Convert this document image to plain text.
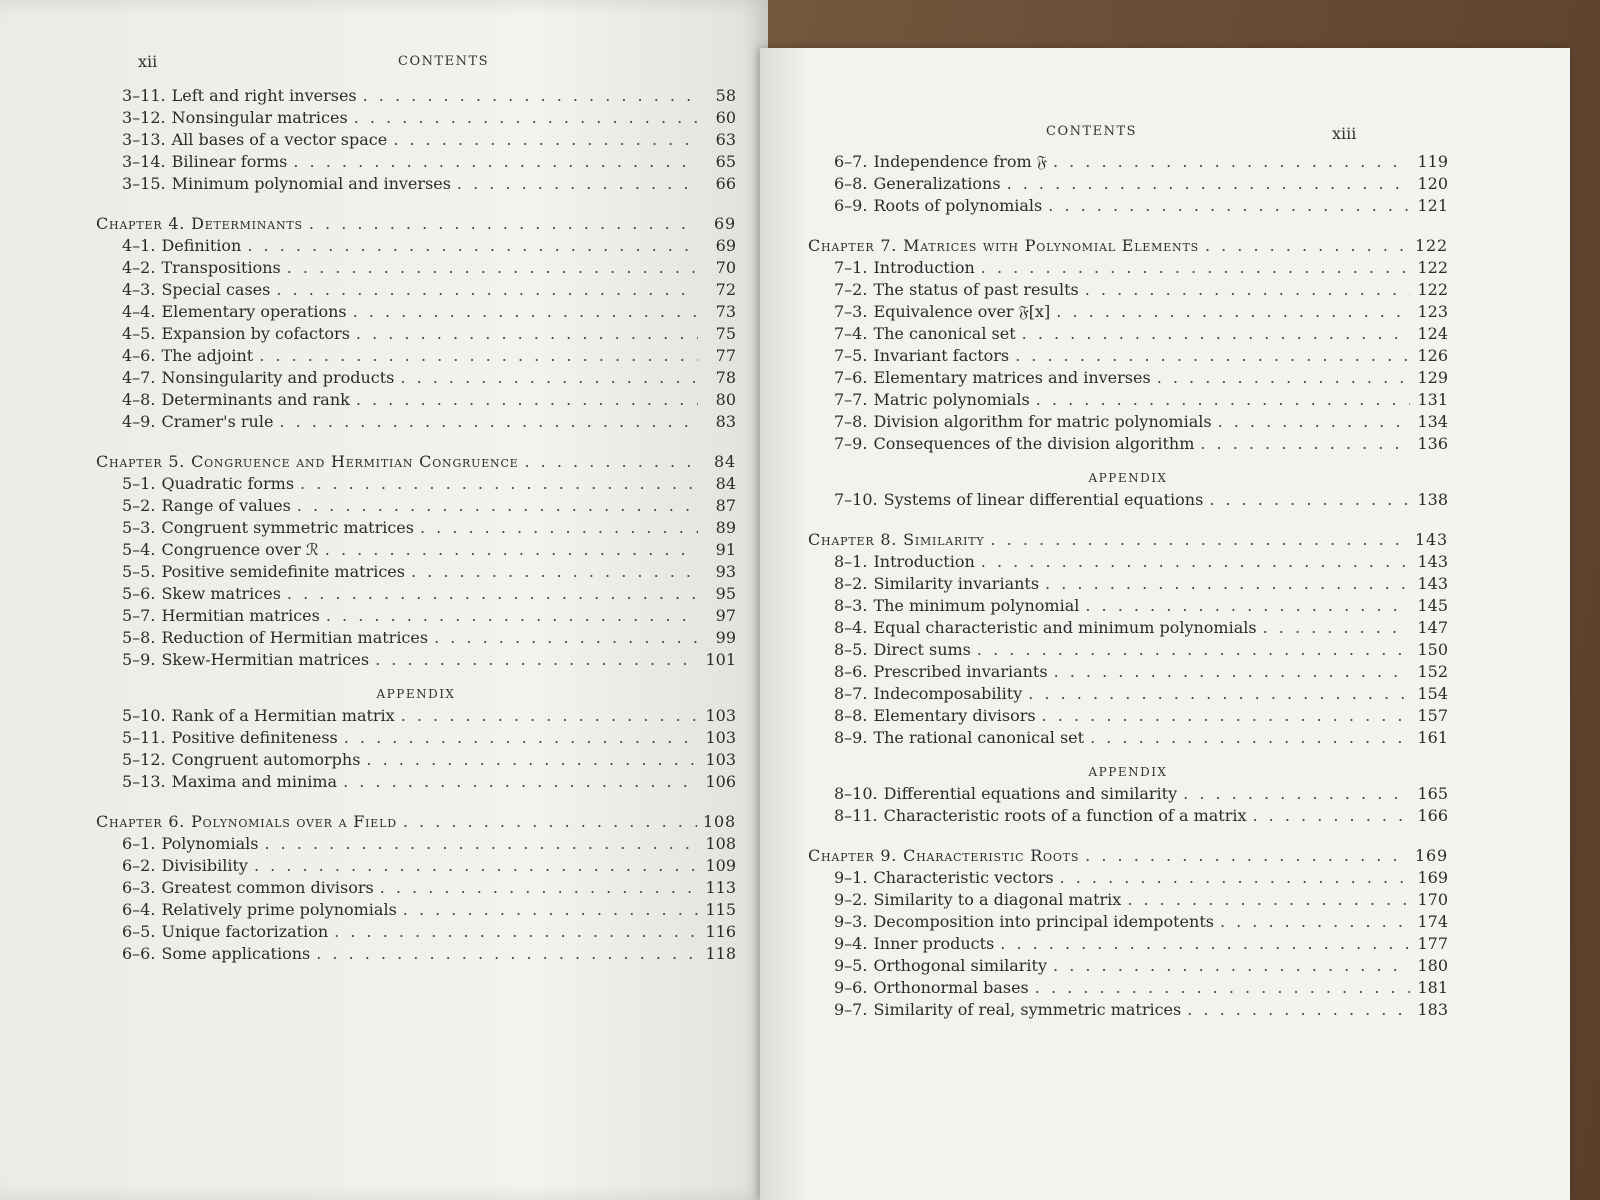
xii	CONTENTS
3–11. Left and right inverses . . .	58
3–12. Nonsingular matrices . . .	60
3–13. All bases of a vector space . . .	63
3–14. Bilinear forms . . .	65
3–15. Minimum polynomial and inverses . . .	66
Chapter 4. Determinants . . .	69
4–1. Definition . . .	69
4–2. Transpositions . . .	70
4–3. Special cases . . .	72
4–4. Elementary operations . . .	73
4–5. Expansion by cofactors . . .	75
4–6. The adjoint . . .	77
4–7. Nonsingularity and products . . .	78
4–8. Determinants and rank . . .	80
4–9. Cramer's rule . . .	83
Chapter 5. Congruence and Hermitian Congruence . . .	84
5–1. Quadratic forms . . .	84
5–2. Range of values . . .	87
5–3. Congruent symmetric matrices . . .	89
5–4. Congruence over ℛ . . .	91
5–5. Positive semidefinite matrices . . .	93
5–6. Skew matrices . . .	95
5–7. Hermitian matrices . . .	97
5–8. Reduction of Hermitian matrices . . .	99
5–9. Skew-Hermitian matrices . . .	101
APPENDIX
5–10. Rank of a Hermitian matrix . . .	103
5–11. Positive definiteness . . .	103
5–12. Congruent automorphs . . .	103
5–13. Maxima and minima . . .	106
Chapter 6. Polynomials over a Field . . .	108
6–1. Polynomials . . .	108
6–2. Divisibility . . .	109
6–3. Greatest common divisors . . .	113
6–4. Relatively prime polynomials . . .	115
6–5. Unique factorization . . .	116
6–6. Some applications . . .	118
CONTENTS	xiii
6–7. Independence from 𝔉 . . .	119
6–8. Generalizations . . .	120
6–9. Roots of polynomials . . .	121
Chapter 7. Matrices with Polynomial Elements . . .	122
7–1. Introduction . . .	122
7–2. The status of past results . . .	122
7–3. Equivalence over 𝔉[x] . . .	123
7–4. The canonical set . . .	124
7–5. Invariant factors . . .	126
7–6. Elementary matrices and inverses . . .	129
7–7. Matric polynomials . . .	131
7–8. Division algorithm for matric polynomials . . .	134
7–9. Consequences of the division algorithm . . .	136
APPENDIX
7–10. Systems of linear differential equations . . .	138
Chapter 8. Similarity . . .	143
8–1. Introduction . . .	143
8–2. Similarity invariants . . .	143
8–3. The minimum polynomial . . .	145
8–4. Equal characteristic and minimum polynomials . . .	147
8–5. Direct sums . . .	150
8–6. Prescribed invariants . . .	152
8–7. Indecomposability . . .	154
8–8. Elementary divisors . . .	157
8–9. The rational canonical set . . .	161
APPENDIX
8–10. Differential equations and similarity . . .	165
8–11. Characteristic roots of a function of a matrix . . .	166
Chapter 9. Characteristic Roots . . .	169
9–1. Characteristic vectors . . .	169
9–2. Similarity to a diagonal matrix . . .	170
9–3. Decomposition into principal idempotents . . .	174
9–4. Inner products . . .	177
9–5. Orthogonal similarity . . .	180
9–6. Orthonormal bases . . .	181
9–7. Similarity of real, symmetric matrices . . .	183
